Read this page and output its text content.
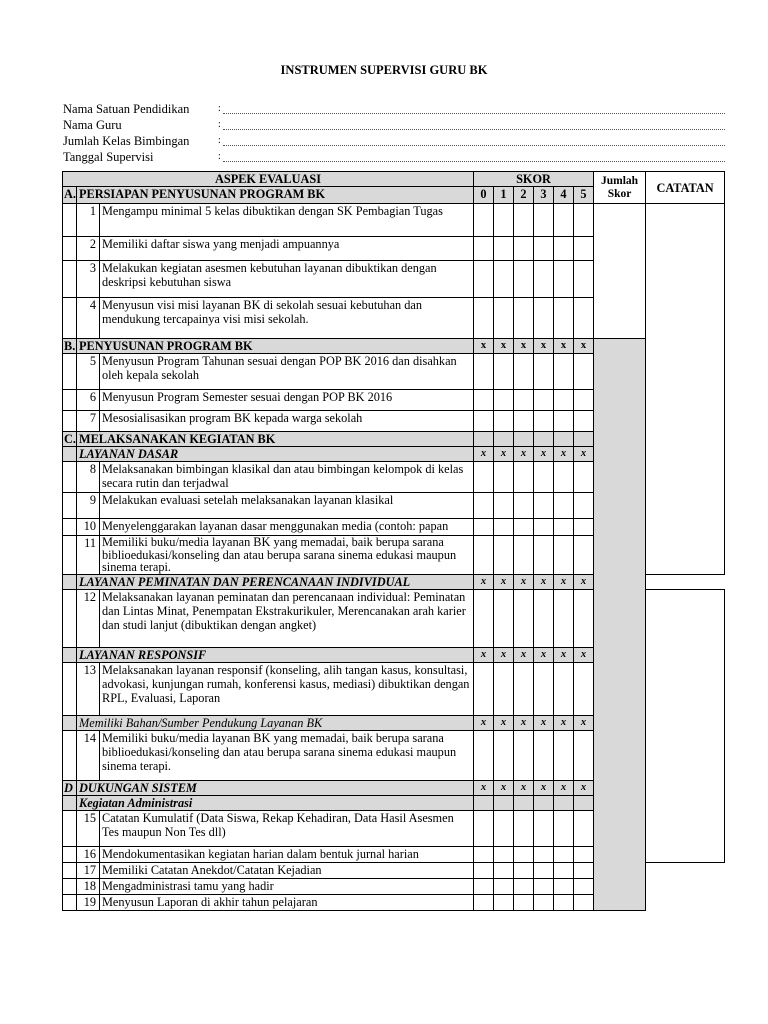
INSTRUMEN SUPERVISI GURU BK
Nama Satuan Pendidikan	:
Nama Guru	:
Jumlah Kelas Bimbingan	:
Tanggal Supervisi	:
ASPEK EVALUASI			SKOR						Jumlah Skor	CATATAN
A.	PERSIAPAN PENYUSUNAN PROGRAM BK		0	1	2	3	4	5		
	1	Mengampu minimal 5 kelas dibuktikan dengan SK Pembagian Tugas								
	2	Memiliki daftar siswa yang menjadi ampuannya								
	3	Melakukan kegiatan asesmen kebutuhan layanan dibuktikan dengan deskripsi kebutuhan siswa								
	4	Menyusun visi misi layanan BK di sekolah sesuai kebutuhan dan mendukung tercapainya visi misi sekolah.								
B.	PENYUSUNAN PROGRAM BK		x	x	x	x	x	x		
	5	Menyusun Program Tahunan sesuai dengan POP BK 2016 dan disahkan oleh kepala sekolah								
	6	Menyusun Program Semester sesuai dengan POP BK 2016								
	7	Mesosialisasikan program BK kepada warga sekolah								
C.	MELAKSANAKAN KEGIATAN BK									
	LAYANAN DASAR		x	x	x	x	x	x		
	8	Melaksanakan bimbingan klasikal dan atau bimbingan kelompok di kelas secara rutin dan terjadwal								
	9	Melakukan evaluasi setelah melaksanakan layanan klasikal								
	10	Menyelenggarakan layanan dasar menggunakan media (contoh: papan								
	11	Memiliki buku/media layanan BK yang memadai, baik berupa sarana biblioedukasi/konseling dan atau berupa sarana sinema edukasi maupun sinema terapi.								
	LAYANAN PEMINATAN DAN PERENCANAAN INDIVIDUAL		x	x	x	x	x	x		
	12	Melaksanakan layanan peminatan dan perencanaan individual: Peminatan dan Lintas Minat, Penempatan Ekstrakurikuler, Merencanakan arah karier dan studi lanjut (dibuktikan dengan angket)								
	LAYANAN RESPONSIF		x	x	x	x	x	x		
	13	Melaksanakan layanan responsif (konseling, alih tangan kasus, konsultasi, advokasi, kunjungan rumah, konferensi kasus, mediasi) dibuktikan dengan RPL, Evaluasi, Laporan								
	Memiliki Bahan/Sumber Pendukung Layanan BK		x	x	x	x	x	x		
	14	Memiliki buku/media layanan BK yang memadai, baik berupa sarana biblioedukasi/konseling dan atau berupa sarana sinema edukasi maupun sinema terapi.								
D	DUKUNGAN SISTEM		x	x	x	x	x	x		
	Kegiatan Administrasi									
	15	Catatan Kumulatif (Data Siswa, Rekap Kehadiran, Data Hasil Asesmen Tes maupun Non Tes dll)								
	16	Mendokumentasikan kegiatan harian dalam bentuk jurnal harian								
	17	Memiliki Catatan Anekdot/Catatan Kejadian								
	18	Mengadministrasi tamu yang hadir								
	19	Menyusun Laporan di akhir tahun pelajaran								
